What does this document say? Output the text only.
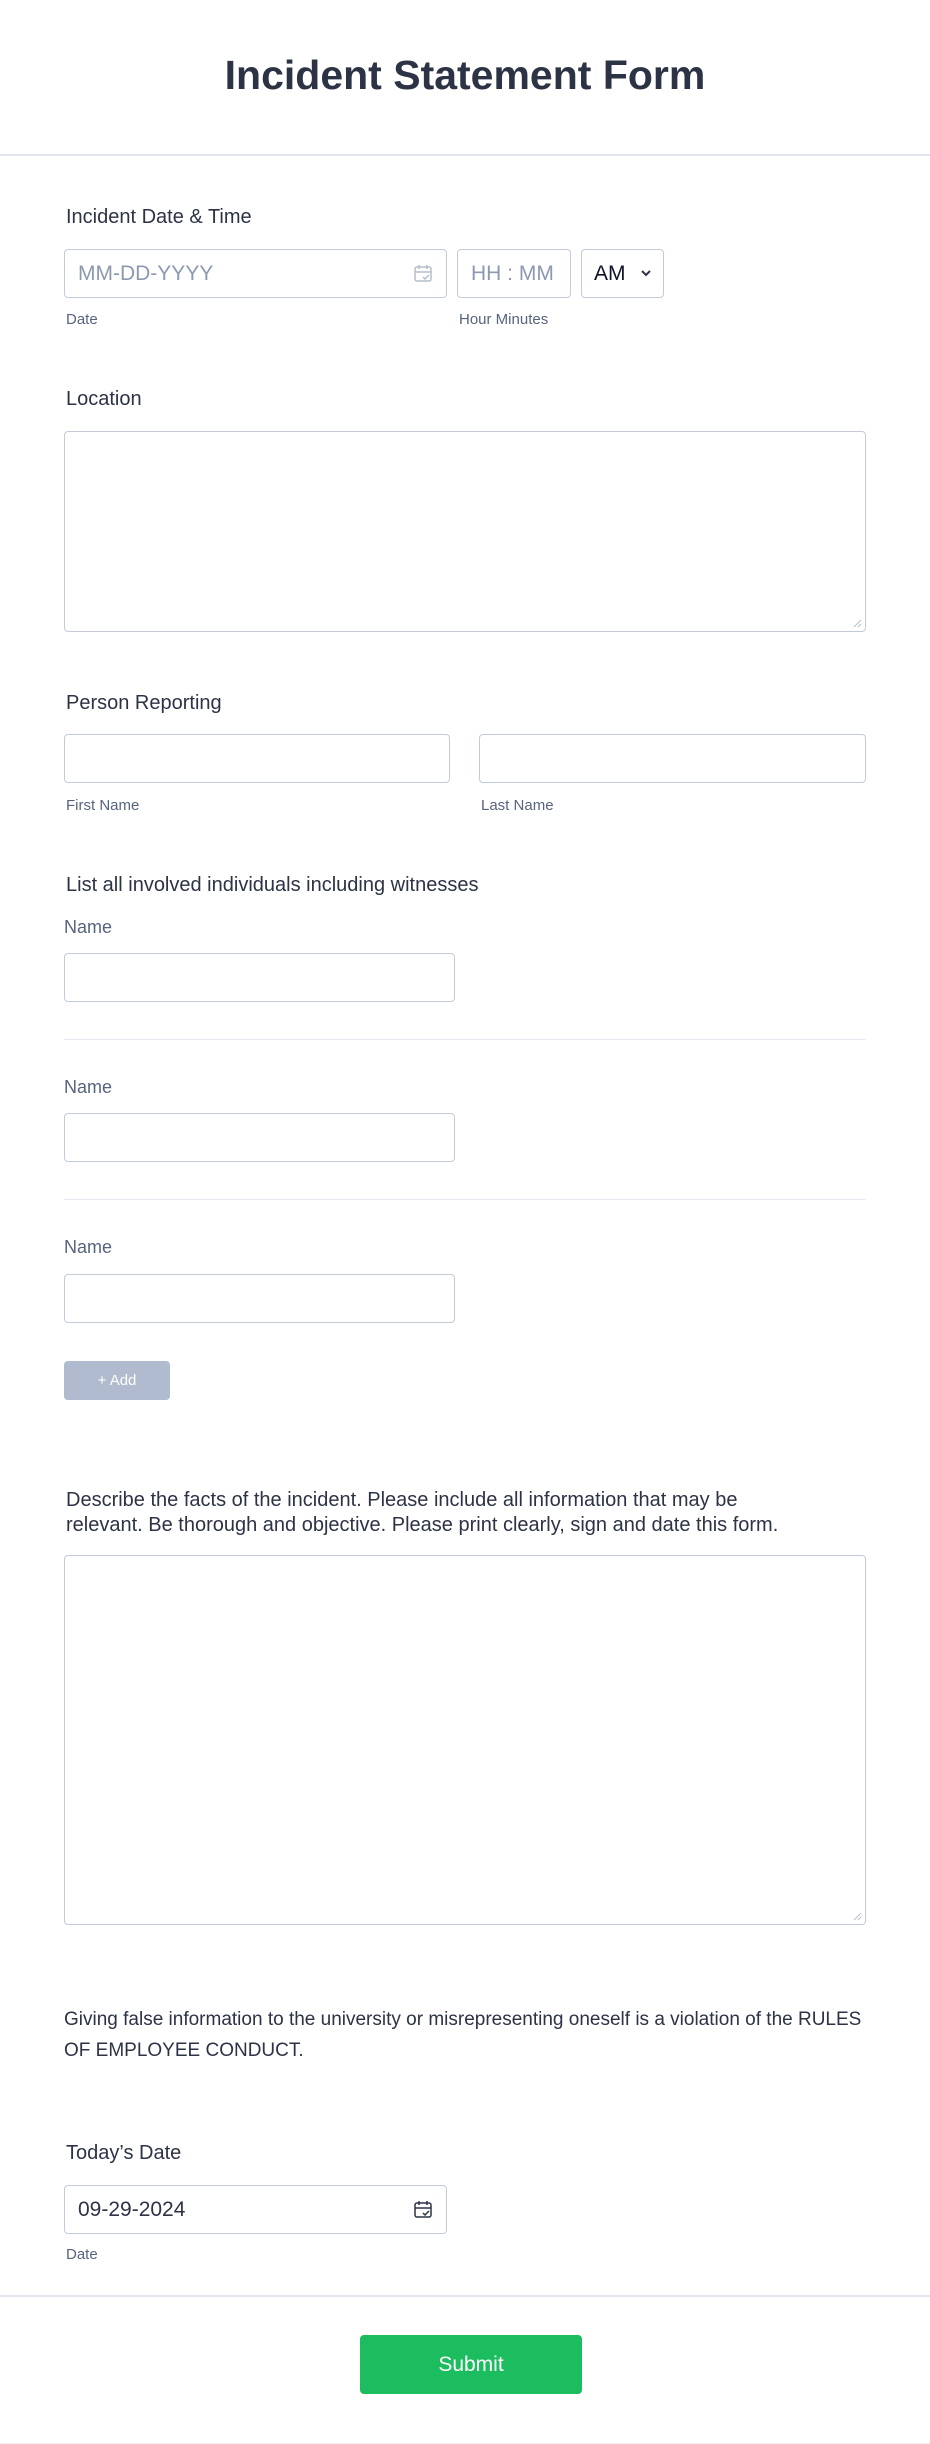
Incident Statement Form
Incident Date & Time
MM-DD-YYYY
Date
HH : MM
Hour Minutes
AM
Location
Person Reporting
First Name	Last Name
List all involved individuals including witnesses
Name
Name
Name
+ Add
Describe the facts of the incident. Please include all information that may be
relevant. Be thorough and objective. Please print clearly, sign and date this form.
Giving false information to the university or misrepresenting oneself is a violation of the RULES OF EMPLOYEE CONDUCT.
Today’s Date
09-29-2024
Date
Submit
